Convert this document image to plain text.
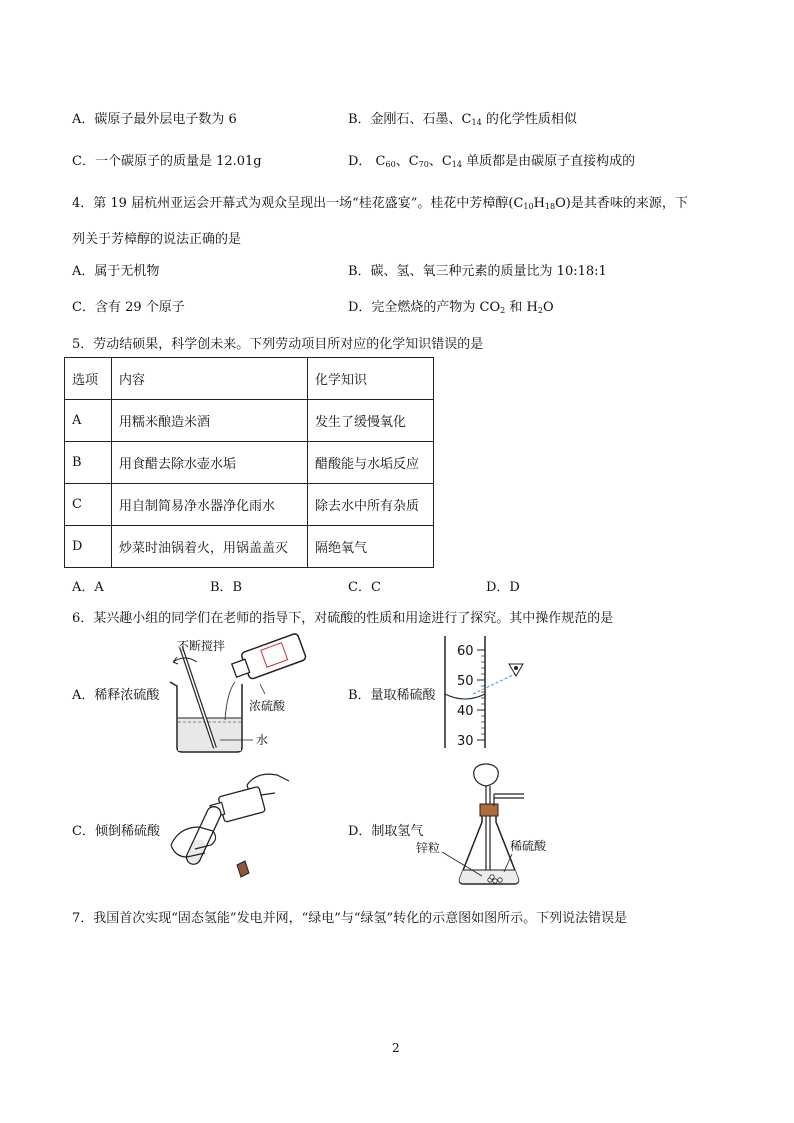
A．碳原子最外层电子数为 6	B．金刚石、石墨、$C_{14}$ 的化学性质相似
C．一个碳原子的质量是 12.01g	D． $C_{60}$、$C_{70}$、$C_{14}$ 单质都是由碳原子直接构成的
4．第 19 届杭州亚运会开幕式为观众呈现出一场“桂花盛宴”。桂花中芳樟醇$(C_{10}H_{18}O)$是其香味的来源，下
列关于芳樟醇的说法正确的是
A．属于无机物	B．碳、氢、氧三种元素的质量比为 10:18:1
C．含有 29 个原子	D．完全燃烧的产物为 $CO_2$ 和 $H_2O$
5．劳动结硕果，科学创未来。下列劳动项目所对应的化学知识错误的是
选项	内容	化学知识
A	用糯米酿造米酒	发生了缓慢氧化
B	用食醋去除水壶水垢	醋酸能与水垢反应
C	用自制简易净水器净化雨水	除去水中所有杂质
D	炒菜时油锅着火，用锅盖盖灭	隔绝氧气
A．A	B．B	C．C	D．D
6．某兴趣小组的同学们在老师的指导下，对硫酸的性质和用途进行了探究。其中操作规范的是
A．稀释浓硫酸
不断搅拌
浓硫酸
水
B．量取稀硫酸
60
50
40
30
C．倾倒稀硫酸	D．制取氢气
锌粒	稀硫酸
7．我国首次实现“固态氢能”发电并网，“绿电”与“绿氢”转化的示意图如图所示。下列说法错误是
2
